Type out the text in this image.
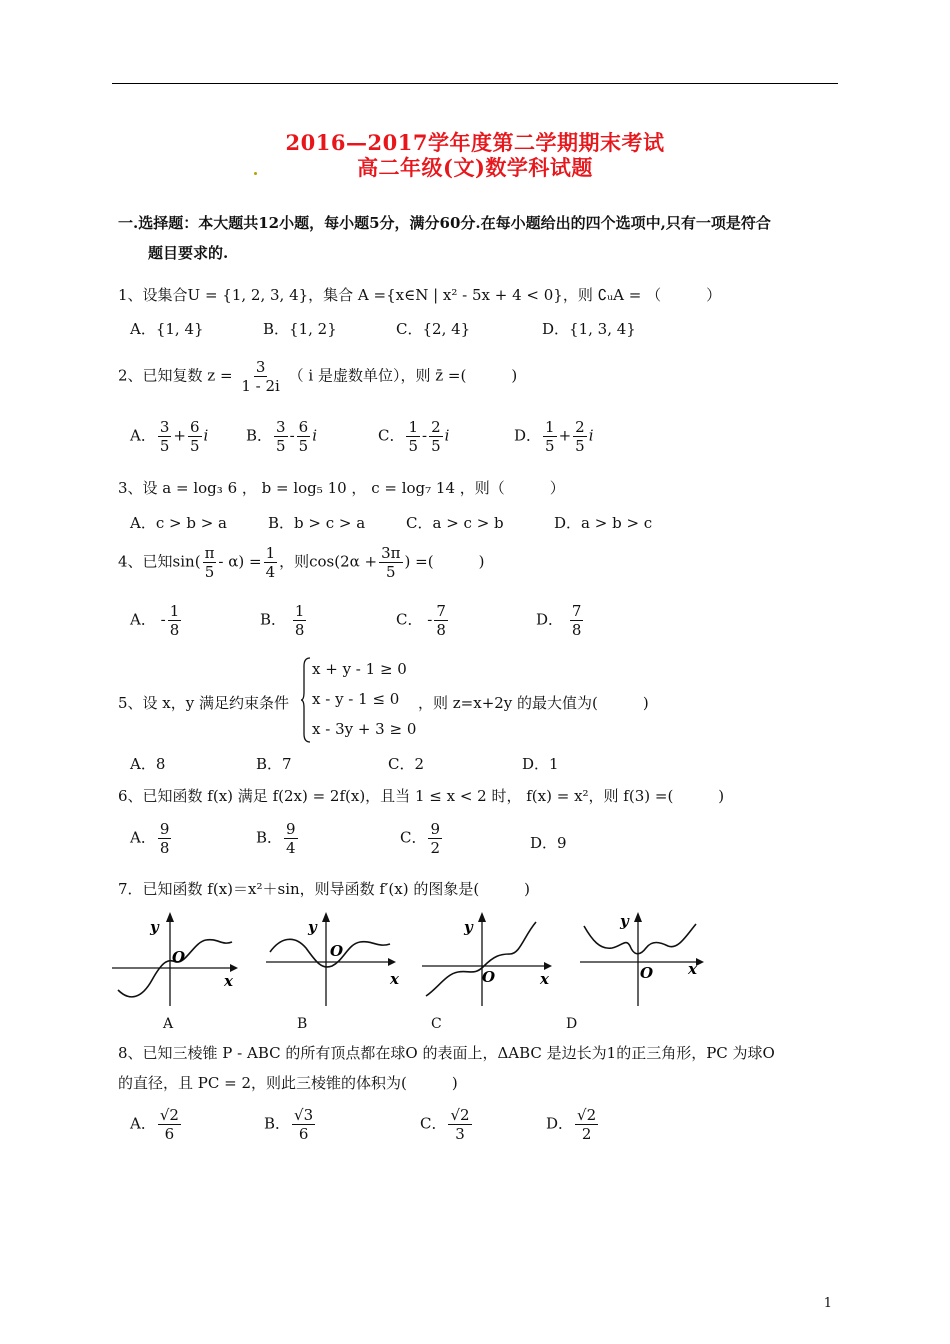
2016—2017学年度第二学期期末考试
高二年级(文)数学科试题
一.选择题：本大题共12小题，每小题5分，满分60分.在每小题给出的四个选项中,只有一项是符合
题目要求的.
1、设集合U = {1, 2, 3, 4}，集合 A ={x∈N | x² - 5x + 4 < 0}，则 ∁ᵤA = （　　　）
A．{1, 4}	B．{1, 2}	C．{2, 4}	D．{1, 3, 4}
2、已知复数 $z = \frac{3}{1 - 2i}$ （ i 是虚数单位），则 z̄ =(　　　)
A． $\frac{3}{5} + \frac{6}{5}$ i	B． $\frac{3}{5} - \frac{6}{5}$ i	C． $\frac{1}{5} - \frac{2}{5}$ i	D． $\frac{1}{5} + \frac{2}{5}$ i
3、设 a = log₃ 6 ， b = log₅ 10 ， c = log₇ 14 ，则（　　　）
A．c > b > a	B．b > c > a	C．a > c > b	D．a > b > c
4、已知$\sin( \frac{\pi}{5} - \alpha) = \frac{1}{4}$ ，则$\cos(2\alpha + \frac{3\pi}{5}$ ) =(　　　)
A． - $\frac{1}{8}$	B． $\frac{1}{8}$	C． - $\frac{7}{8}$	D． $\frac{7}{8}$
5、设 x，y 满足约束条件
x + y - 1 ≥ 0
x - y - 1 ≤ 0
x - 3y + 3 ≥ 0
，则 z=x+2y 的最大值为(　　　)
A．8	B．7	C．2	D．1
6、已知函数 f(x) 满足 f(2x) = 2f(x)，且当 1 ≤ x < 2 时， f(x) = x²，则 f(3) =(　　　)
A． $\frac{9}{8}$	B． $\frac{9}{4}$	C． $\frac{9}{2}$	D．9
7．已知函数 f(x)＝x²＋sin，则导函数 f′(x) 的图象是(　　　)
y
O
x
y
O
x
y
O	x
y
O x
A	B	C	D
8、已知三棱锥 P - ABC 的所有顶点都在球O 的表面上，ΔABC 是边长为1的正三角形，PC 为球O
的直径，且 PC = 2，则此三棱锥的体积为(　　　)
A． $\frac{√2}{6}$	B． $\frac{√3}{6}$	C． $\frac{√2}{3}$	D． $\frac{√2}{2}$
1
